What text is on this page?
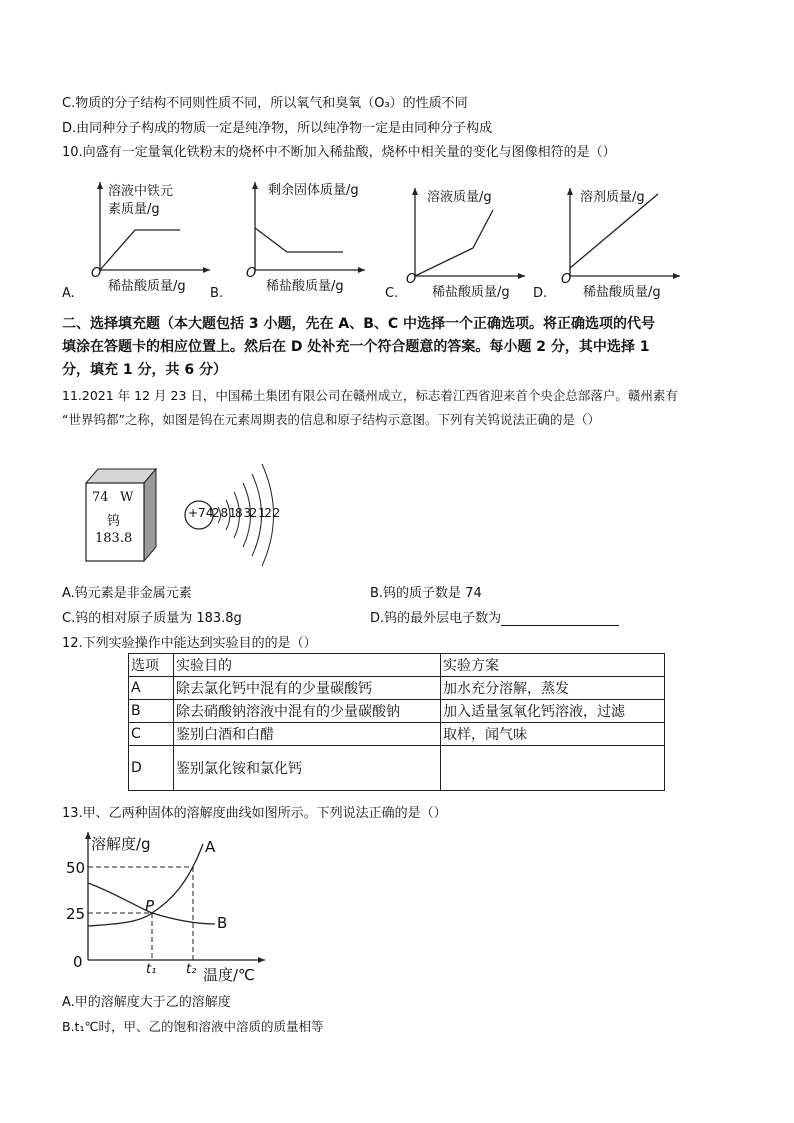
C.物质的分子结构不同则性质不同，所以氧气和臭氧（O₃）的性质不同
D.由同种分子构成的物质一定是纯净物，所以纯净物一定是由同种分子构成
10.向盛有一定量氧化铁粉末的烧杯中不断加入稀盐酸，烧杯中相关量的变化与图像相符的是（）
溶液中铁元
素质量/g
O
稀盐酸质量/g
A.
剩余固体质量/g
O
稀盐酸质量/g
B.
溶液质量/g
O
稀盐酸质量/g
C.
溶剂质量/g
O
稀盐酸质量/g
D.
二、选择填充题（本大题包括 3 小题，先在 A、B、C 中选择一个正确选项。将正确选项的代号
填涂在答题卡的相应位置上。然后在 D 处补充一个符合题意的答案。每小题 2 分，其中选择 1
分，填充 1 分，共 6 分）
11.2021 年 12 月 23 日，中国稀土集团有限公司在赣州成立，标志着江西省迎来首个央企总部落户。赣州素有
“世界钨都”之称，如图是钨在元素周期表的信息和原子结构示意图。下列有关钨说法正确的是（）
74 W
钨
183.8
+74
2 8 18 32 12 2
A.钨元素是非金属元素	B.钨的质子数是 74
C.钨的相对原子质量为 183.8g	D.钨的最外层电子数为
12.下列实验操作中能达到实验目的的是（）
选项	实验目的	实验方案
A	除去氯化钙中混有的少量碳酸钙	加水充分溶解，蒸发
B	除去硝酸钠溶液中混有的少量碳酸钠	加入适量氢氧化钙溶液，过滤
C	鉴别白酒和白醋	取样，闻气味
D	鉴别氯化铵和氯化钙	
13.甲、乙两种固体的溶解度曲线如图所示。下列说法正确的是（）
溶解度/g
50
25
0	t₁ t₂ 温度/℃
A
B
P
A.甲的溶解度大于乙的溶解度
B.t₁℃时，甲、乙的饱和溶液中溶质的质量相等
